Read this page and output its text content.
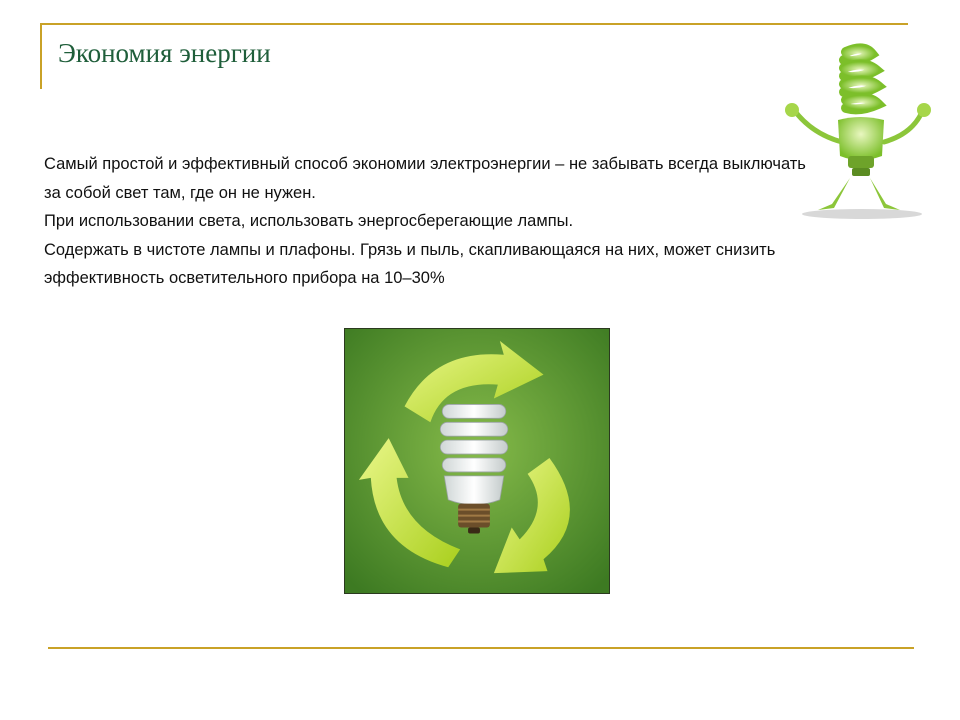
Экономия энергии

Самый простой и эффективный способ экономии электроэнергии – не забывать всегда выключать за собой свет там, где он не нужен.

При использовании света, использовать энергосберегающие лампы.

Содержать в чистоте лампы и плафоны. Грязь и пыль, скапливающаяся на них, может снизить эффективность осветительного прибора на 10–30%
